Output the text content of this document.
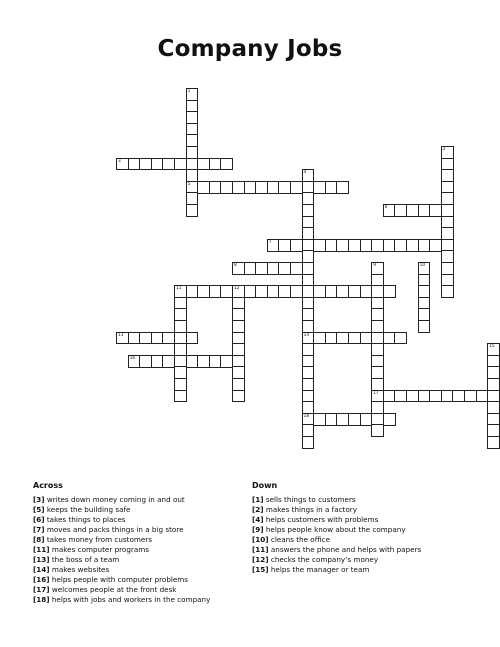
Company Jobs
1
5
2
3
4
14
18
6
7
8	9
17
10
11	12
13
15
16
Across
[3] writes down money coming in and out
[5] keeps the building safe
[6] takes things to places
[7] moves and packs things in a big store
[8] takes money from customers
[11] makes computer programs
[13] the boss of a team
[14] makes websites
[16] helps people with computer problems
[17] welcomes people at the front desk
[18] helps with jobs and workers in the company
Down
[1] sells things to customers
[2] makes things in a factory
[4] helps customers with problems
[9] helps people know about the company
[10] cleans the office
[11] answers the phone and helps with papers
[12] checks the company’s money
[15] helps the manager or team
